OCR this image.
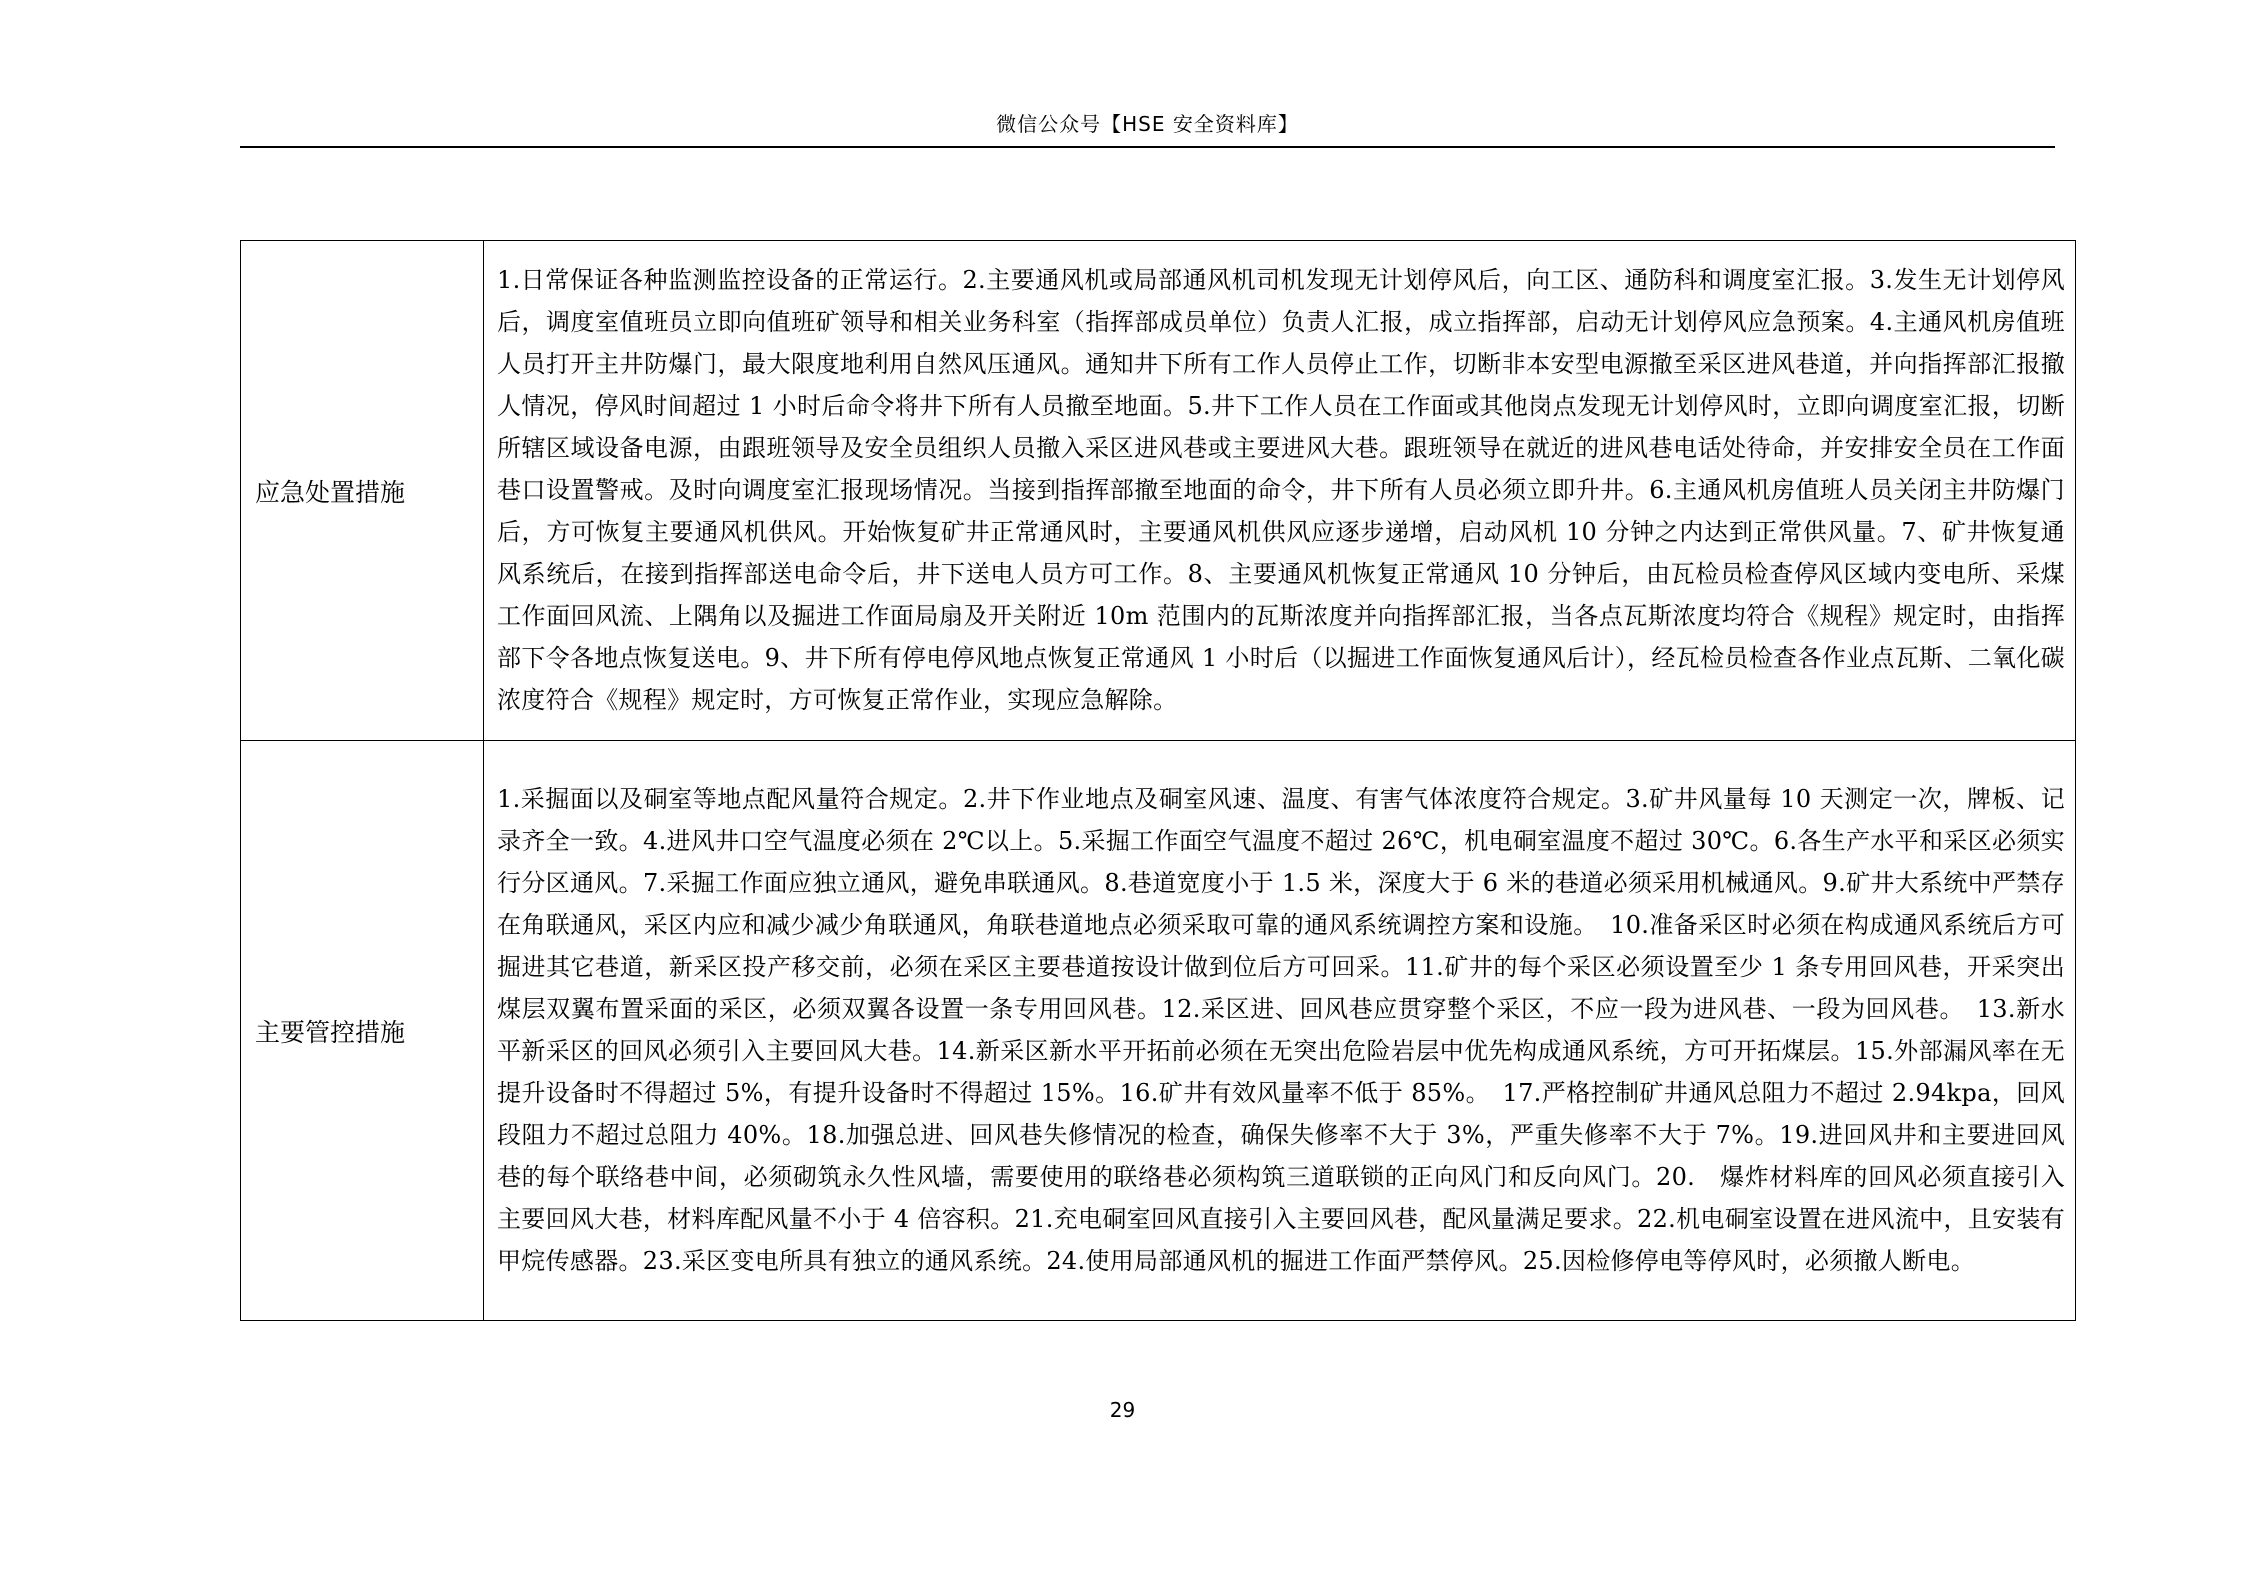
微信公众号【HSE 安全资料库】
应急处置措施	1.日常保证各种监测监控设备的正常运行。2.主要通风机或局部通风机司机发现无计划停风后，向工区、通防科和调度室汇报。3.发生无计划停风后，调度室值班员立即向值班矿领导和相关业务科室（指挥部成员单位）负责人汇报，成立指挥部，启动无计划停风应急预案。4.主通风机房值班人员打开主井防爆门，最大限度地利用自然风压通风。通知井下所有工作人员停止工作，切断非本安型电源撤至采区进风巷道，并向指挥部汇报撤人情况，停风时间超过 1 小时后命令将井下所有人员撤至地面。5.井下工作人员在工作面或其他岗点发现无计划停风时，立即向调度室汇报，切断所辖区域设备电源，由跟班领导及安全员组织人员撤入采区进风巷或主要进风大巷。跟班领导在就近的进风巷电话处待命，并安排安全员在工作面巷口设置警戒。及时向调度室汇报现场情况。当接到指挥部撤至地面的命令，井下所有人员必须立即升井。6.主通风机房值班人员关闭主井防爆门后，方可恢复主要通风机供风。开始恢复矿井正常通风时，主要通风机供风应逐步递增，启动风机 10 分钟之内达到正常供风量。7、矿井恢复通风系统后，在接到指挥部送电命令后，井下送电人员方可工作。8、主要通风机恢复正常通风 10 分钟后，由瓦检员检查停风区域内变电所、采煤工作面回风流、上隅角以及掘进工作面局扇及开关附近 10m 范围内的瓦斯浓度并向指挥部汇报，当各点瓦斯浓度均符合《规程》规定时，由指挥部下令各地点恢复送电。9、井下所有停电停风地点恢复正常通风 1 小时后（以掘进工作面恢复通风后计），经瓦检员检查各作业点瓦斯、二氧化碳浓度符合《规程》规定时，方可恢复正常作业，实现应急解除。
主要管控措施	1.采掘面以及硐室等地点配风量符合规定。2.井下作业地点及硐室风速、温度、有害气体浓度符合规定。3.矿井风量每 10 天测定一次，牌板、记录齐全一致。4.进风井口空气温度必须在 2℃以上。5.采掘工作面空气温度不超过 26℃，机电硐室温度不超过 30℃。6.各生产水平和采区必须实行分区通风。7.采掘工作面应独立通风，避免串联通风。8.巷道宽度小于 1.5 米，深度大于 6 米的巷道必须采用机械通风。9.矿井大系统中严禁存在角联通风，采区内应和减少减少角联通风，角联巷道地点必须采取可靠的通风系统调控方案和设施。　10.准备采区时必须在构成通风系统后方可掘进其它巷道，新采区投产移交前，必须在采区主要巷道按设计做到位后方可回采。11.矿井的每个采区必须设置至少 1 条专用回风巷，开采突出煤层双翼布置采面的采区，必须双翼各设置一条专用回风巷。12.采区进、回风巷应贯穿整个采区，不应一段为进风巷、一段为回风巷。　13.新水平新采区的回风必须引入主要回风大巷。14.新采区新水平开拓前必须在无突出危险岩层中优先构成通风系统，方可开拓煤层。15.外部漏风率在无提升设备时不得超过 5%，有提升设备时不得超过 15%。16.矿井有效风量率不低于 85%。　17.严格控制矿井通风总阻力不超过 2.94kpa，回风段阻力不超过总阻力 40%。18.加强总进、回风巷失修情况的检查，确保失修率不大于 3%，严重失修率不大于 7%。19.进回风井和主要进回风巷的每个联络巷中间，必须砌筑永久性风墙，需要使用的联络巷必须构筑三道联锁的正向风门和反向风门。20.　爆炸材料库的回风必须直接引入主要回风大巷，材料库配风量不小于 4 倍容积。21.充电硐室回风直接引入主要回风巷，配风量满足要求。22.机电硐室设置在进风流中，且安装有甲烷传感器。23.采区变电所具有独立的通风系统。24.使用局部通风机的掘进工作面严禁停风。25.因检修停电等停风时，必须撤人断电。
29
